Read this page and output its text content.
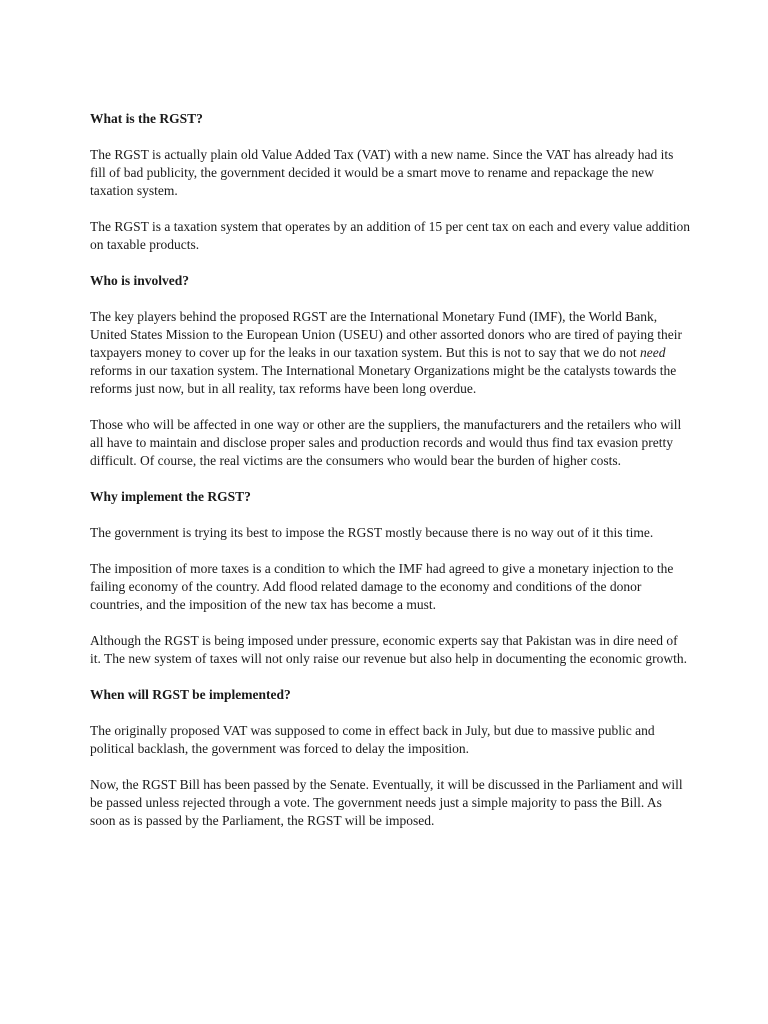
What is the RGST?

The RGST is actually plain old Value Added Tax (VAT) with a new name. Since the VAT has already had its fill of bad publicity, the government decided it would be a smart move to rename and repackage the new taxation system.

The RGST is a taxation system that operates by an addition of 15 per cent tax on each and every value addition on taxable products.

Who is involved?

The key players behind the proposed RGST are the International Monetary Fund (IMF), the World Bank, United States Mission to the European Union (USEU) and other assorted donors who are tired of paying their taxpayers money to cover up for the leaks in our taxation system. But this is not to say that we do not need reforms in our taxation system. The International Monetary Organizations might be the catalysts towards the reforms just now, but in all reality, tax reforms have been long overdue.

Those who will be affected in one way or other are the suppliers, the manufacturers and the retailers who will all have to maintain and disclose proper sales and production records and would thus find tax evasion pretty difficult. Of course, the real victims are the consumers who would bear the burden of higher costs.

Why implement the RGST?

The government is trying its best to impose the RGST mostly because there is no way out of it this time.

The imposition of more taxes is a condition to which the IMF had agreed to give a monetary injection to the failing economy of the country. Add flood related damage to the economy and conditions of the donor countries, and the imposition of the new tax has become a must.

Although the RGST is being imposed under pressure, economic experts say that Pakistan was in dire need of it. The new system of taxes will not only raise our revenue but also help in documenting the economic growth.

When will RGST be implemented?

The originally proposed VAT was supposed to come in effect back in July, but due to massive public and political backlash, the government was forced to delay the imposition.

Now, the RGST Bill has been passed by the Senate. Eventually, it will be discussed in the Parliament and will be passed unless rejected through a vote. The government needs just a simple majority to pass the Bill. As soon as is passed by the Parliament, the RGST will be imposed.
